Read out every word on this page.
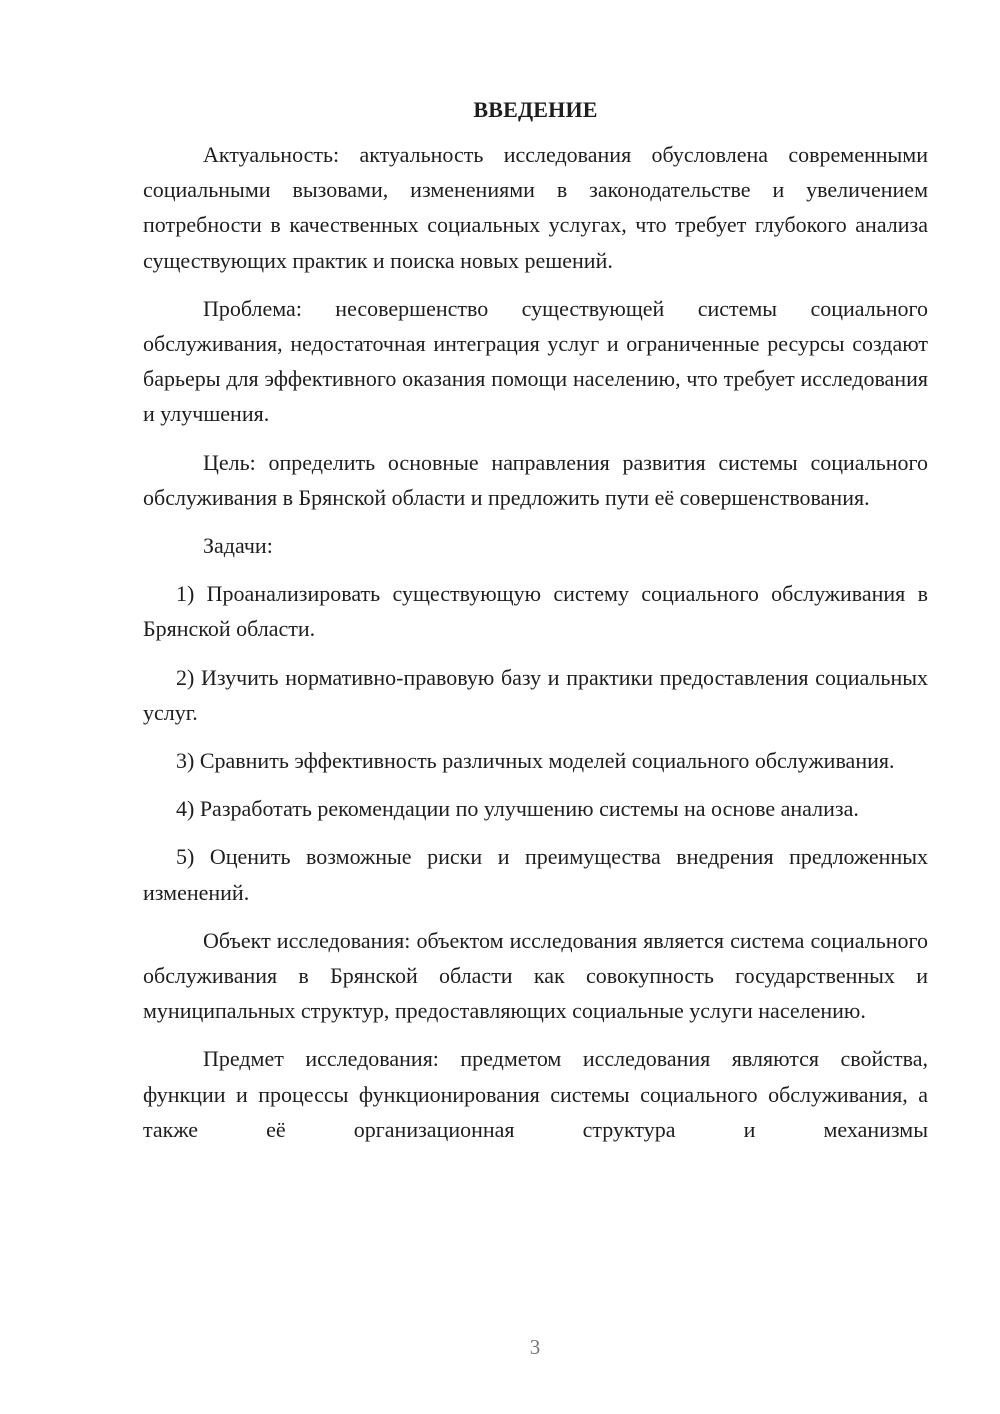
ВВЕДЕНИЕ

Актуальность: актуальность исследования обусловлена современными социальными вызовами, изменениями в законодательстве и увеличением потребности в качественных социальных услугах, что требует глубокого анализа существующих практик и поиска новых решений.

Проблема: несовершенство существующей системы социального обслуживания, недостаточная интеграция услуг и ограниченные ресурсы создают барьеры для эффективного оказания помощи населению, что требует исследования и улучшения.

Цель: определить основные направления развития системы социального обслуживания в Брянской области и предложить пути её совершенствования.

Задачи:

1) Проанализировать существующую систему социального обслуживания в Брянской области.

2) Изучить нормативно-правовую базу и практики предоставления социальных услуг.

3) Сравнить эффективность различных моделей социального обслуживания.

4) Разработать рекомендации по улучшению системы на основе анализа.

5) Оценить возможные риски и преимущества внедрения предложенных изменений.

Объект исследования: объектом исследования является система социального обслуживания в Брянской области как совокупность государственных и муниципальных структур, предоставляющих социальные услуги населению.

Предмет исследования: предметом исследования являются свойства, функции и процессы функционирования системы социального обслуживания, а также её организационная структура и механизмы

3
